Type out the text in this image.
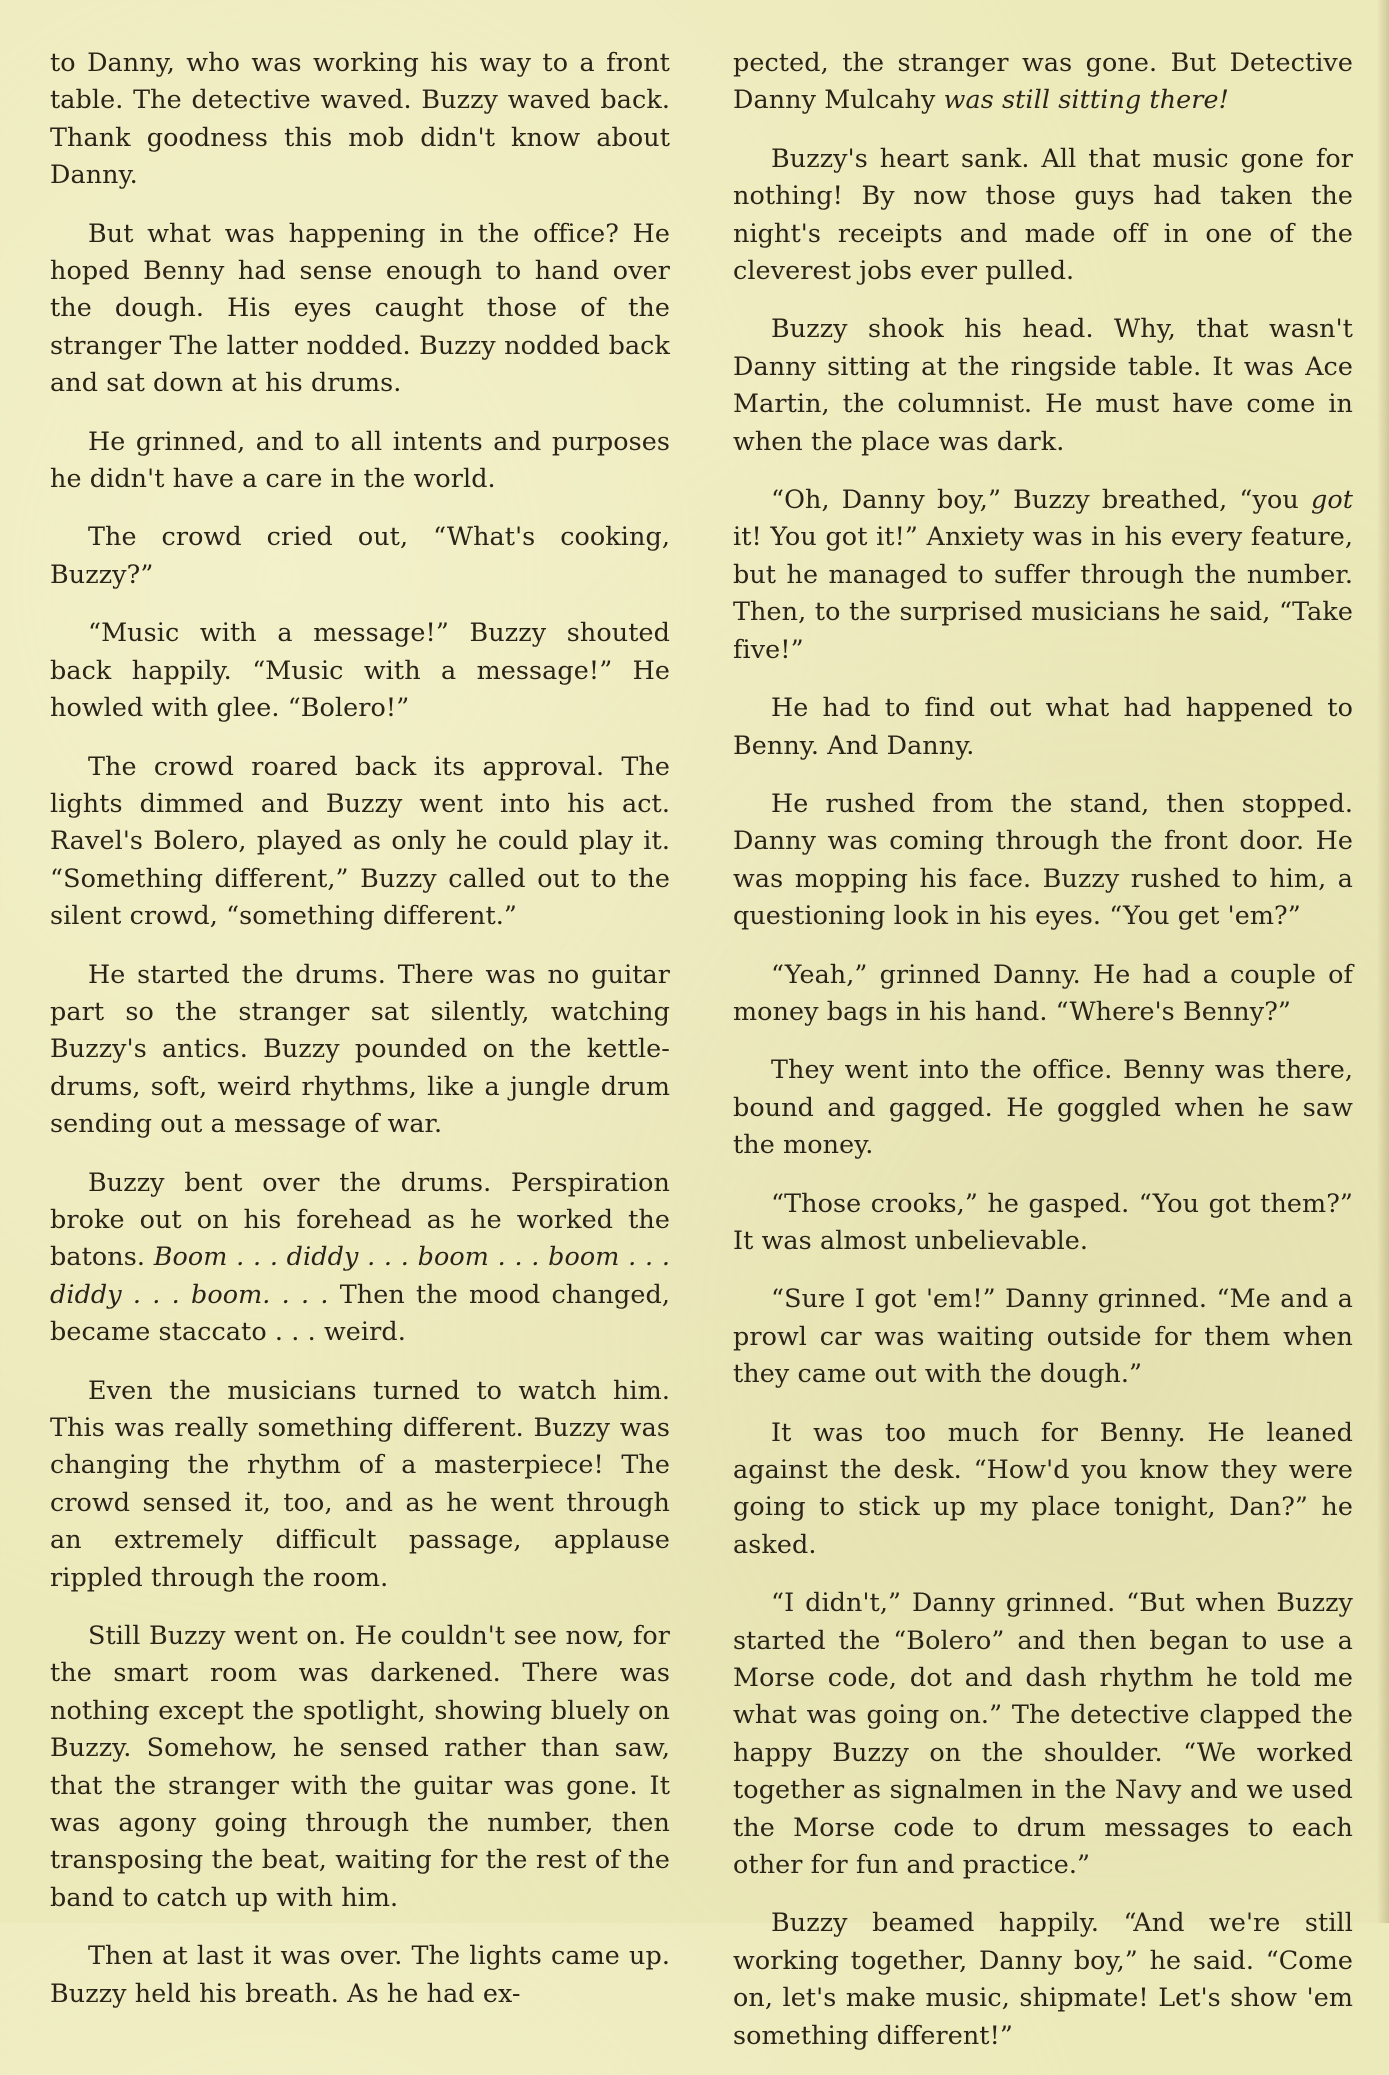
to Danny, who was working his way to a front table. The detective waved. Buzzy waved back. Thank goodness this mob didn't know about Danny.

But what was happening in the office? He hoped Benny had sense enough to hand over the dough. His eyes caught those of the stranger The latter nodded. Buzzy nodded back and sat down at his drums.

He grinned, and to all intents and purposes he didn't have a care in the world.

The crowd cried out, “What's cooking, Buzzy?”

“Music with a message!” Buzzy shouted back happily. “Music with a message!” He howled with glee. “Bolero!”

The crowd roared back its approval. The lights dimmed and Buzzy went into his act. Ravel's Bolero, played as only he could play it. “Something different,” Buzzy called out to the silent crowd, “something different.”

He started the drums. There was no guitar part so the stranger sat silently, watching Buzzy's antics. Buzzy pounded on the kettle-drums, soft, weird rhythms, like a jungle drum sending out a message of war.

Buzzy bent over the drums. Perspiration broke out on his forehead as he worked the batons. Boom . . . diddy . . . boom . . . boom . . . diddy . . . boom. . . . Then the mood changed, became staccato . . . weird.

Even the musicians turned to watch him. This was really something different. Buzzy was changing the rhythm of a masterpiece! The crowd sensed it, too, and as he went through an extremely difficult passage, applause rippled through the room.

Still Buzzy went on. He couldn't see now, for the smart room was darkened. There was nothing except the spotlight, showing bluely on Buzzy. Somehow, he sensed rather than saw, that the stranger with the guitar was gone. It was agony going through the number, then transposing the beat, waiting for the rest of the band to catch up with him.

Then at last it was over. The lights came up. Buzzy held his breath. As he had ex-

pected, the stranger was gone. But Detective Danny Mulcahy was still sitting there!

Buzzy's heart sank. All that music gone for nothing! By now those guys had taken the night's receipts and made off in one of the cleverest jobs ever pulled.

Buzzy shook his head. Why, that wasn't Danny sitting at the ringside table. It was Ace Martin, the columnist. He must have come in when the place was dark.

“Oh, Danny boy,” Buzzy breathed, “you got it! You got it!” Anxiety was in his every feature, but he managed to suffer through the number. Then, to the surprised musicians he said, “Take five!”

He had to find out what had happened to Benny. And Danny.

He rushed from the stand, then stopped. Danny was coming through the front door. He was mopping his face. Buzzy rushed to him, a questioning look in his eyes. “You get 'em?”

“Yeah,” grinned Danny. He had a couple of money bags in his hand. “Where's Benny?”

They went into the office. Benny was there, bound and gagged. He goggled when he saw the money.

“Those crooks,” he gasped. “You got them?” It was almost unbelievable.

“Sure I got 'em!” Danny grinned. “Me and a prowl car was waiting outside for them when they came out with the dough.”

It was too much for Benny. He leaned against the desk. “How'd you know they were going to stick up my place tonight, Dan?” he asked.

“I didn't,” Danny grinned. “But when Buzzy started the “Bolero” and then began to use a Morse code, dot and dash rhythm he told me what was going on.” The detective clapped the happy Buzzy on the shoulder. “We worked together as signalmen in the Navy and we used the Morse code to drum messages to each other for fun and practice.”

Buzzy beamed happily. “And we're still working together, Danny boy,” he said. “Come on, let's make music, shipmate! Let's show 'em something different!”
